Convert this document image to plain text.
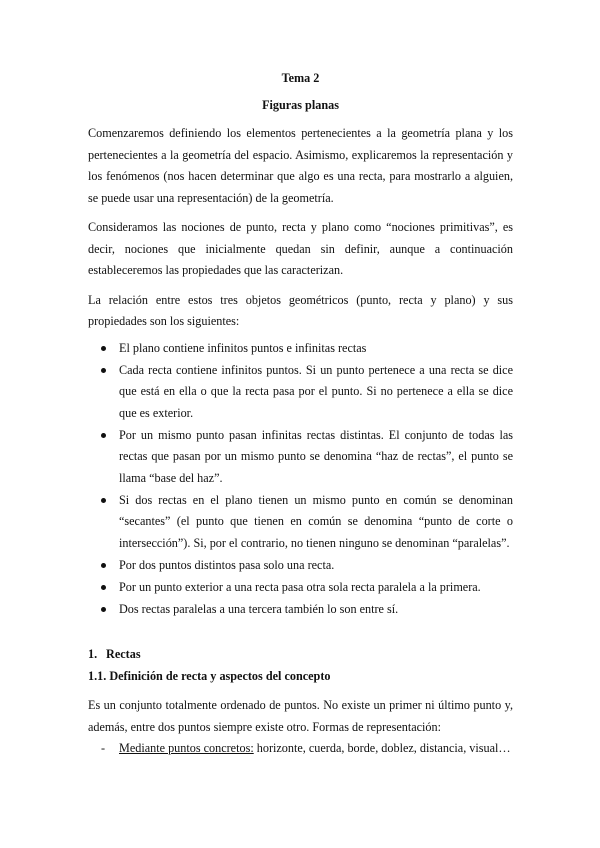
Tema 2
Figuras planas

Comenzaremos definiendo los elementos pertenecientes a la geometría plana y los pertenecientes a la geometría del espacio. Asimismo, explicaremos la representación y los fenómenos (nos hacen determinar que algo es una recta, para mostrarlo a alguien, se puede usar una representación) de la geometría.

Consideramos las nociones de punto, recta y plano como “nociones primitivas”, es decir, nociones que inicialmente quedan sin definir, aunque a continuación estableceremos las propiedades que las caracterizan.

La relación entre estos tres objetos geométricos (punto, recta y plano) y sus propiedades son los siguientes:

El plano contiene infinitos puntos e infinitas rectas
Cada recta contiene infinitos puntos. Si un punto pertenece a una recta se dice que está en ella o que la recta pasa por el punto. Si no pertenece a ella se dice que es exterior.
Por un mismo punto pasan infinitas rectas distintas. El conjunto de todas las rectas que pasan por un mismo punto se denomina “haz de rectas”, el punto se llama “base del haz”.
Si dos rectas en el plano tienen un mismo punto en común se denominan “secantes” (el punto que tienen en común se denomina “punto de corte o intersección”). Si, por el contrario, no tienen ninguno se denominan “paralelas”.
Por dos puntos distintos pasa solo una recta.
Por un punto exterior a una recta pasa otra sola recta paralela a la primera.
Dos rectas paralelas a una tercera también lo son entre sí.
1. Rectas
1.1. Definición de recta y aspectos del concepto

Es un conjunto totalmente ordenado de puntos. No existe un primer ni último punto y, además, entre dos puntos siempre existe otro. Formas de representación:

- Mediante puntos concretos: horizonte, cuerda, borde, doblez, distancia, visual…
